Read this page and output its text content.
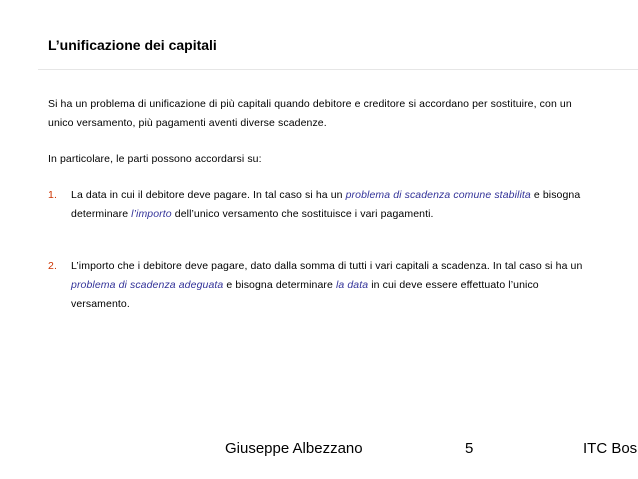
L’unificazione dei capitali
Si ha un problema di unificazione di più capitali quando debitore e creditore si accordano per sostituire, con un unico versamento, più pagamenti aventi diverse scadenze.
In particolare, le parti possono accordarsi su:
1. La data in cui il debitore deve pagare. In tal caso si ha un problema di scadenza comune stabilita e bisogna determinare l’importo dell’unico versamento che sostituisce i vari pagamenti.
2. L’importo che i debitore deve pagare, dato dalla somma di tutti i vari capitali a scadenza. In tal caso si ha un problema di scadenza adeguata e bisogna determinare la data in cui deve essere effettuato l’unico versamento.
Giuseppe Albezzano	5	ITC Bos
